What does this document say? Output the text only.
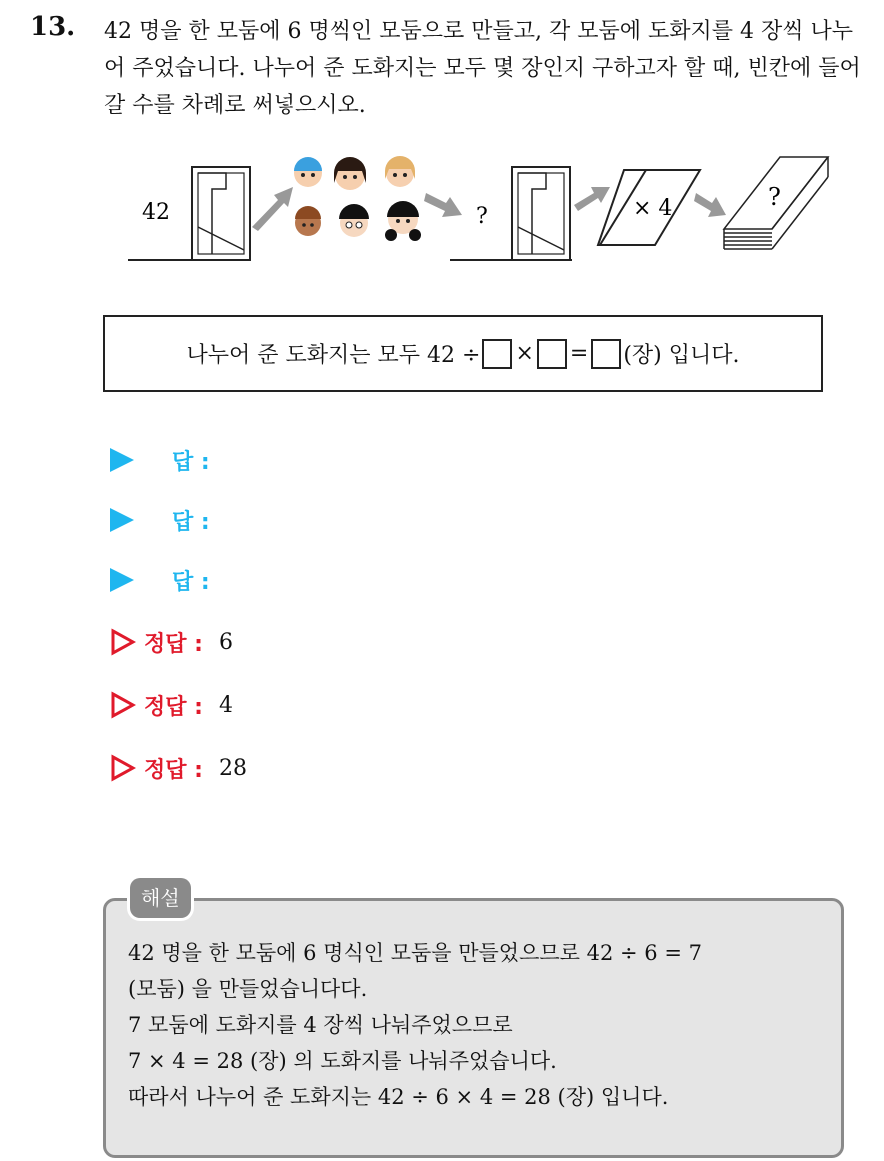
13. 42 명을 한 모둠에 6 명씩인 모둠으로 만들고, 각 모둠에 도화지를 4 장씩 나누어 주었습니다. 나누어 준 도화지는 모두 몇 장인지 구하고자 할 때, 빈칸에 들어갈 수를 차례로 써넣으시오.
42	?	× 4	?
나누어 준 도화지는 모두 42 ÷ × = (장) 입니다.
답 :
답 :
답 :
정답 : 6
정답 : 4
정답 : 28
해설
42 명을 한 모둠에 6 명식인 모둠을 만들었으므로 42 ÷ 6 = 7
(모둠) 을 만들었습니다다.
7 모둠에 도화지를 4 장씩 나눠주었으므로
7 × 4 = 28 (장) 의 도화지를 나눠주었습니다.
따라서 나누어 준 도화지는 42 ÷ 6 × 4 = 28 (장) 입니다.
